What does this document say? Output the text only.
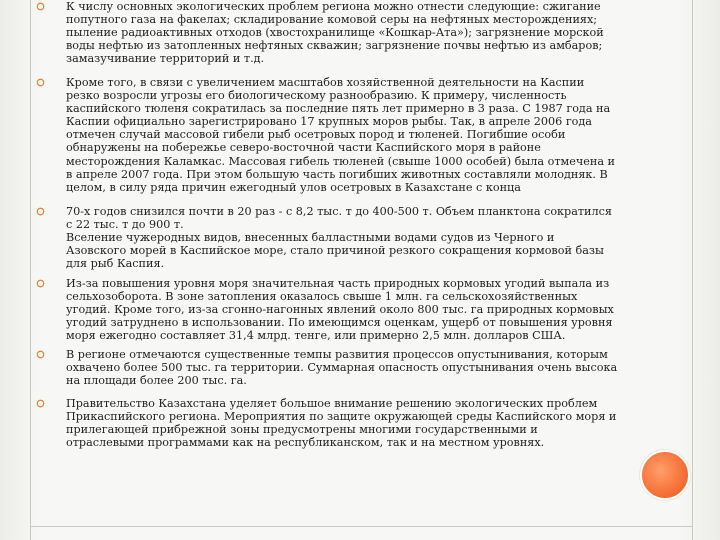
К числу основных экологических проблем региона можно отнести следующие: сжигание
попутного газа на факелах; складирование комовой серы на нефтяных месторождениях;
пыление радиоактивных отходов (хвостохранилище «Кошкар-Ата»); загрязнение морской
воды нефтью из затопленных нефтяных скважин; загрязнение почвы нефтью из амбаров;
замазучивание территорий и т.д.
Кроме того, в связи с увеличением масштабов хозяйственной деятельности на Каспии
резко возросли угрозы его биологическому разнообразию. К примеру, численность
каспийского тюленя сократилась за последние пять лет примерно в 3 раза. С 1987 года на
Каспии официально зарегистрировано 17 крупных моров рыбы. Так, в апреле 2006 года
отмечен случай массовой гибели рыб осетровых пород и тюленей. Погибшие особи
обнаружены на побережье северо-восточной части Каспийского моря в районе
месторождения Каламкас. Массовая гибель тюленей (свыше 1000 особей) была отмечена и
в апреле 2007 года. При этом большую часть погибших животных составляли молодняк. В
целом, в силу ряда причин ежегодный улов осетровых в Казахстане с конца
70-х годов снизился почти в 20 раз - с 8,2 тыс. т до 400-500 т. Объем планктона сократился
с 22 тыс. т до 900 т.
Вселение чужеродных видов, внесенных балластными водами судов из Черного и
Азовского морей в Каспийское море, стало причиной резкого сокращения кормовой базы
для рыб Каспия.
Из-за повышения уровня моря значительная часть природных кормовых угодий выпала из
сельхозоборота. В зоне затопления оказалось свыше 1 млн. га сельскохозяйственных
угодий. Кроме того, из-за сгонно-нагонных явлений около 800 тыс. га природных кормовых
угодий затруднено в использовании. По имеющимся оценкам, ущерб от повышения уровня
моря ежегодно составляет 31,4 млрд. тенге, или примерно 2,5 млн. долларов США.
В регионе отмечаются существенные темпы развития процессов опустынивания, которым
охвачено более 500 тыс. га территории. Суммарная опасность опустынивания очень высока
на площади более 200 тыс. га.
Правительство Казахстана уделяет большое внимание решению экологических проблем
Прикаспийского региона. Мероприятия по защите окружающей среды Каспийского моря и
прилегающей прибрежной зоны предусмотрены многими государственными и
отраслевыми программами как на республиканском, так и на местном уровнях.
